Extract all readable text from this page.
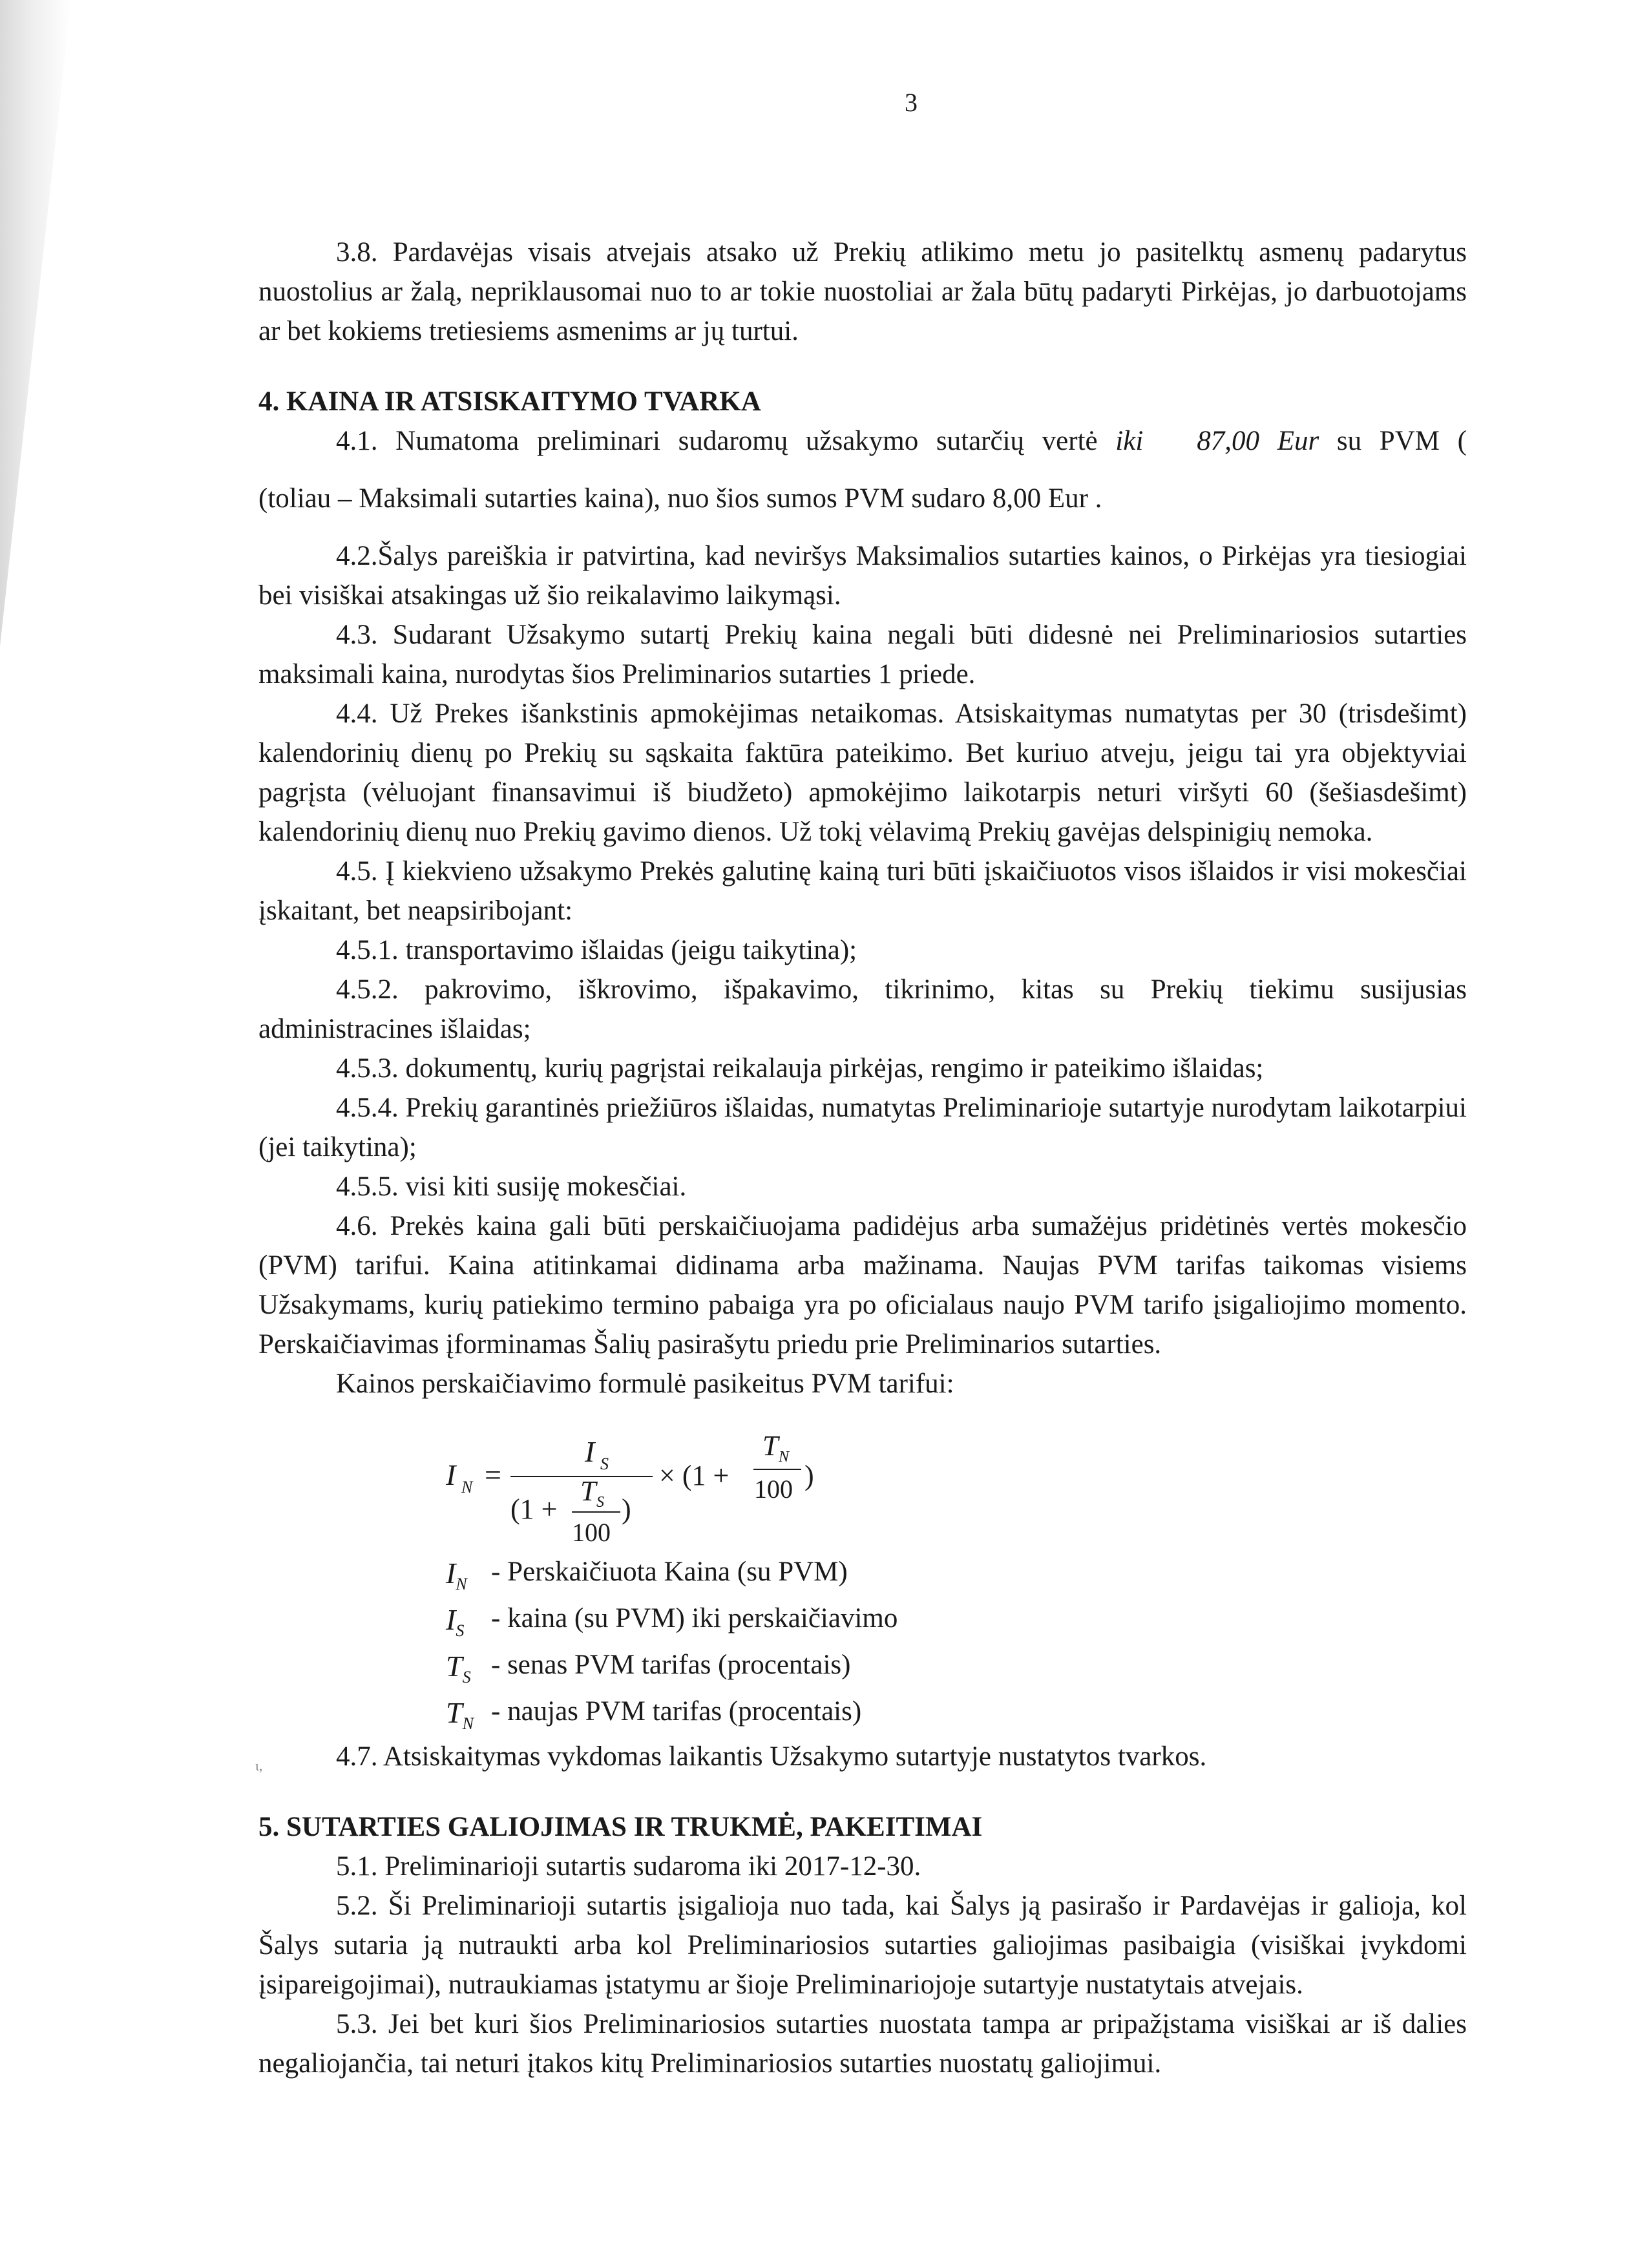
3

3.8. Pardavėjas visais atvejais atsako už Prekių atlikimo metu jo pasitelktų asmenų padarytus nuostolius ar žalą, nepriklausomai nuo to ar tokie nuostoliai ar žala būtų padaryti Pirkėjas, jo darbuotojams ar bet kokiems tretiesiems asmenims ar jų turtui.

4. KAINA IR ATSISKAITYMO TVARKA

4.1. Numatoma preliminari sudaromų užsakymo sutarčių vertė iki 87,00 Eur su PVM (

(toliau – Maksimali sutarties kaina), nuo šios sumos PVM sudaro 8,00 Eur .

4.2.Šalys pareiškia ir patvirtina, kad neviršys Maksimalios sutarties kainos, o Pirkėjas yra tiesiogiai bei visiškai atsakingas už šio reikalavimo laikymąsi.

4.3. Sudarant Užsakymo sutartį Prekių kaina negali būti didesnė nei Preliminariosios sutarties maksimali kaina, nurodytas šios Preliminarios sutarties 1 priede.

4.4. Už Prekes išankstinis apmokėjimas netaikomas. Atsiskaitymas numatytas per 30 (trisdešimt) kalendorinių dienų po Prekių su sąskaita faktūra pateikimo. Bet kuriuo atveju, jeigu tai yra objektyviai pagrįsta (vėluojant finansavimui iš biudžeto) apmokėjimo laikotarpis neturi viršyti 60 (šešiasdešimt) kalendorinių dienų nuo Prekių gavimo dienos. Už tokį vėlavimą Prekių gavėjas delspinigių nemoka.

4.5. Į kiekvieno užsakymo Prekės galutinę kainą turi būti įskaičiuotos visos išlaidos ir visi mokesčiai įskaitant, bet neapsiribojant:

4.5.1. transportavimo išlaidas (jeigu taikytina);

4.5.2. pakrovimo, iškrovimo, išpakavimo, tikrinimo, kitas su Prekių tiekimu susijusias administracines išlaidas;

4.5.3. dokumentų, kurių pagrįstai reikalauja pirkėjas, rengimo ir pateikimo išlaidas;

4.5.4. Prekių garantinės priežiūros išlaidas, numatytas Preliminarioje sutartyje nurodytam laikotarpiui (jei taikytina);

4.5.5. visi kiti susiję mokesčiai.

4.6. Prekės kaina gali būti perskaičiuojama padidėjus arba sumažėjus pridėtinės vertės mokesčio (PVM) tarifui. Kaina atitinkamai didinama arba mažinama. Naujas PVM tarifas taikomas visiems Užsakymams, kurių patiekimo termino pabaiga yra po oficialaus naujo PVM tarifo įsigaliojimo momento. Perskaičiavimas įforminamas Šalių pasirašytu priedu prie Preliminarios sutarties.

Kainos perskaičiavimo formulė pasikeitus PVM tarifui:

I N =
I S
(1 +
T S
100
)
× (1 +
T N
100 )
$I_N$ - Perskaičiuota Kaina (su PVM)
$I_S$ - kaina (su PVM) iki perskaičiavimo
$T_S$ - senas PVM tarifas (procentais)
$T_N$ - naujas PVM tarifas (procentais)

4.7. Atsiskaitymas vykdomas laikantis Užsakymo sutartyje nustatytos tvarkos.

5. SUTARTIES GALIOJIMAS IR TRUKMĖ, PAKEITIMAI

5.1. Preliminarioji sutartis sudaroma iki 2017-12-30.

5.2. Ši Preliminarioji sutartis įsigalioja nuo tada, kai Šalys ją pasirašo ir Pardavėjas ir galioja, kol Šalys sutaria ją nutraukti arba kol Preliminariosios sutarties galiojimas pasibaigia (visiškai įvykdomi įsipareigojimai), nutraukiamas įstatymu ar šioje Preliminariojoje sutartyje nustatytais atvejais.

5.3. Jei bet kuri šios Preliminariosios sutarties nuostata tampa ar pripažįstama visiškai ar iš dalies negaliojančia, tai neturi įtakos kitų Preliminariosios sutarties nuostatų galiojimui.

ι,
